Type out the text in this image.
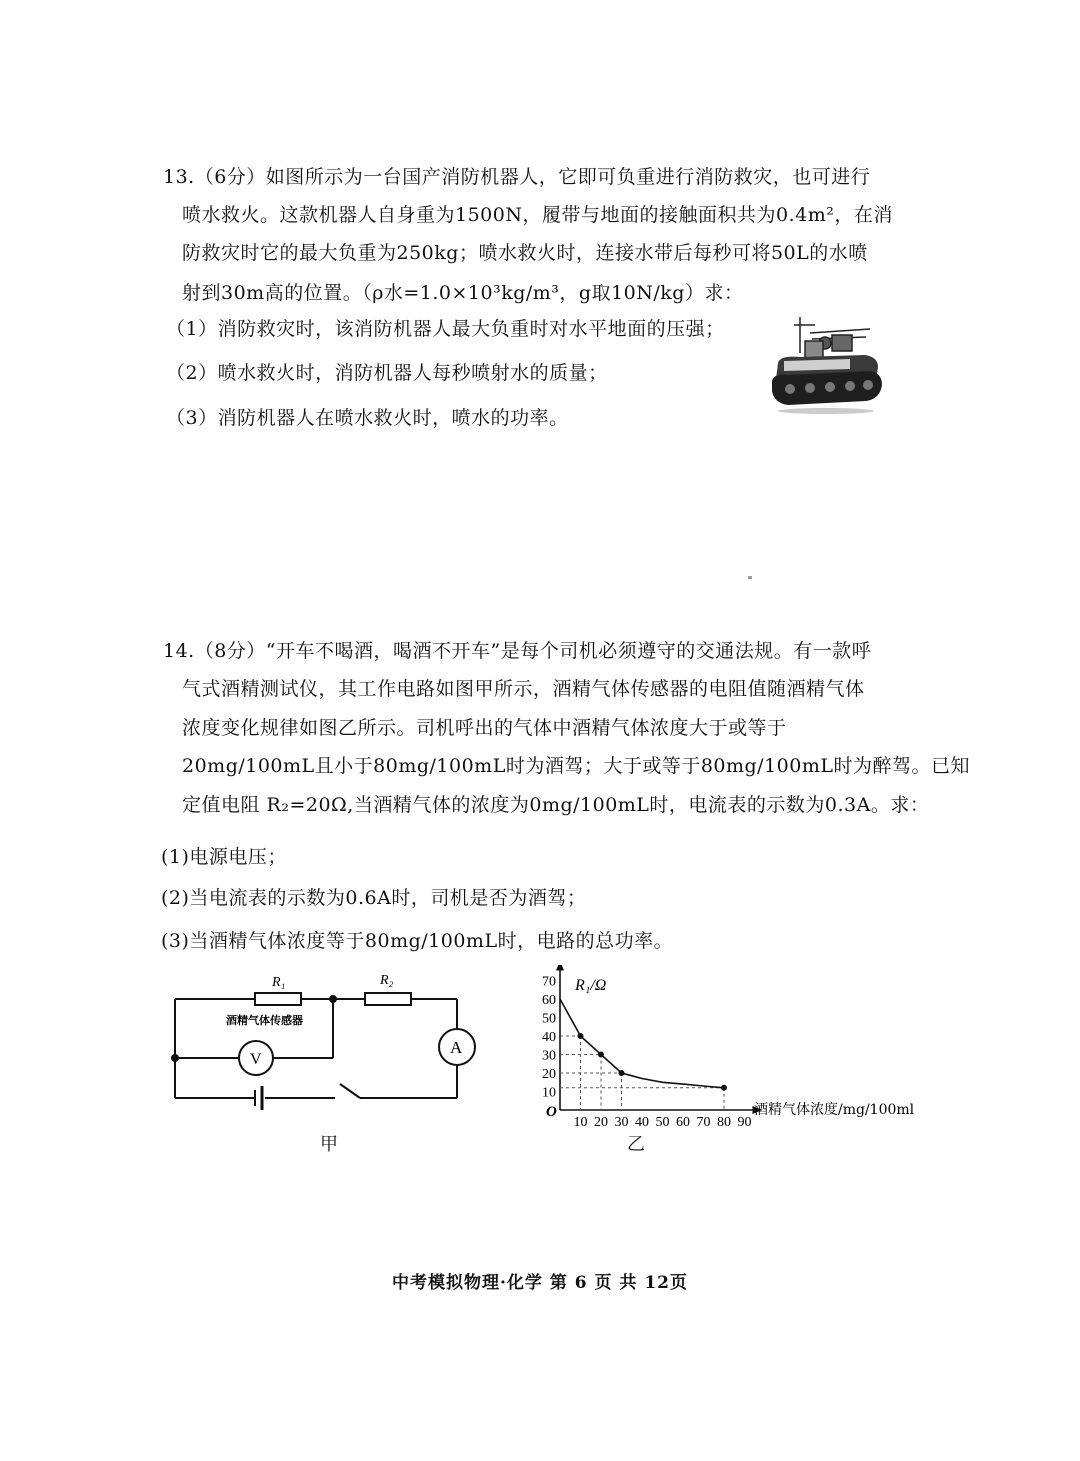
13.（6分）如图所示为一台国产消防机器人，它即可负重进行消防救灾，也可进行
喷水救火。这款机器人自身重为1500N，履带与地面的接触面积共为0.4m²，在消
防救灾时它的最大负重为250kg；喷水救火时，连接水带后每秒可将50L的水喷
射到30m高的位置。（ρ水=1.0×10³kg/m³，g取10N/kg）求：
（1）消防救灾时，该消防机器人最大负重时对水平地面的压强；
（2）喷水救火时，消防机器人每秒喷射水的质量；
（3）消防机器人在喷水救火时，喷水的功率。
14.（8分）“开车不喝酒，喝酒不开车”是每个司机必须遵守的交通法规。有一款呼
气式酒精测试仪，其工作电路如图甲所示，酒精气体传感器的电阻值随酒精气体
浓度变化规律如图乙所示。司机呼出的气体中酒精气体浓度大于或等于
20mg/100mL且小于80mg/100mL时为酒驾；大于或等于80mg/100mL时为醉驾。已知
定值电阻 R₂=20Ω,当酒精气体的浓度为0mg/100mL时，电流表的示数为0.3A。求：
(1)电源电压；
(2)当电流表的示数为0.6A时，司机是否为酒驾；
(3)当酒精气体浓度等于80mg/100mL时，电路的总功率。
R₁	R₂
酒精气体传感器
V
A
甲
10 20 30 40 50 60 70 80 90
10
20
30
40
50
60
70 R₁/Ω
酒精气体浓度/mg/100ml
O
乙
中考模拟物理·化学 第 6 页 共 12页
